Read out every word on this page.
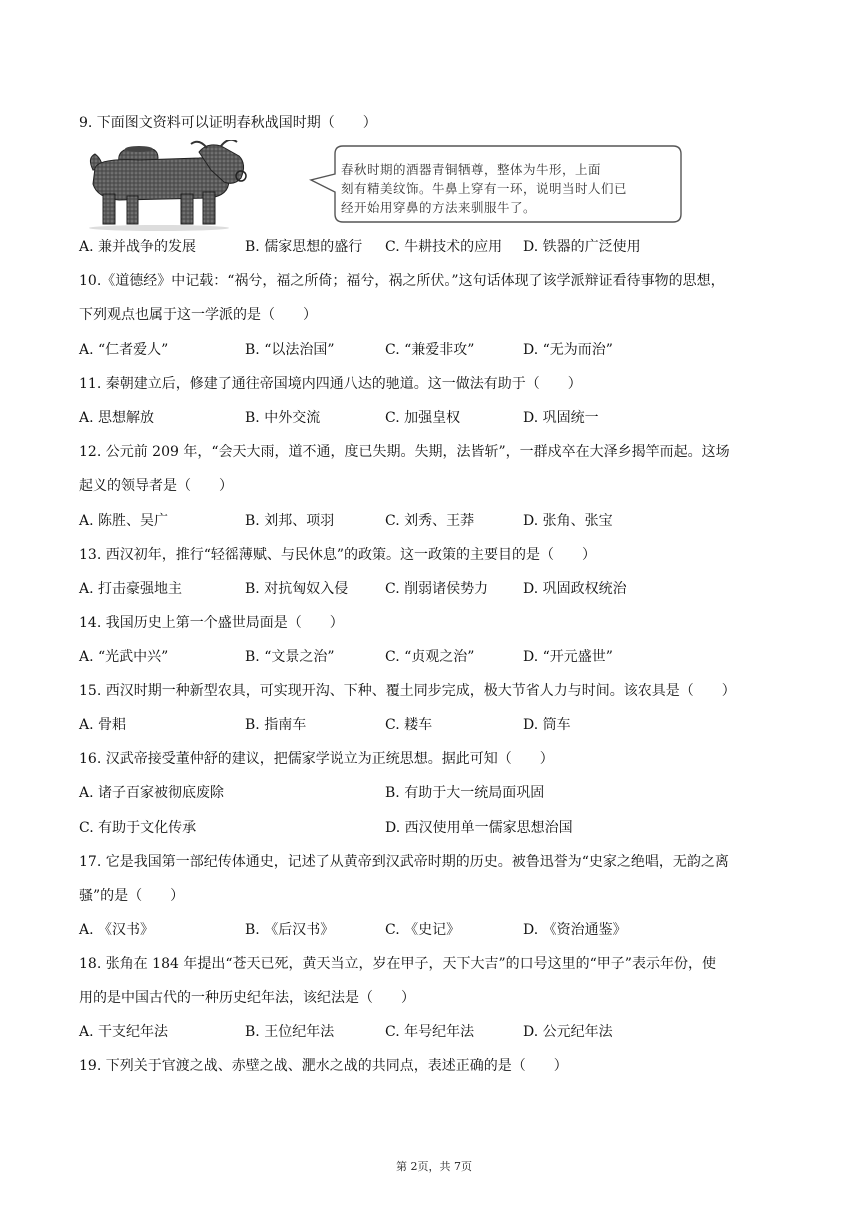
9. 下面图文资料可以证明春秋战国时期（　　）
春秋时期的酒器青铜牺尊，整体为牛形，上面
刻有精美纹饰。牛鼻上穿有一环，说明当时人们已
经开始用穿鼻的方法来驯服牛了。
A. 兼并战争的发展	B. 儒家思想的盛行 C. 牛耕技术的应用 D. 铁器的广泛使用
10.《道德经》中记载：“祸兮，福之所倚；福兮，祸之所伏。”这句话体现了该学派辩证看待事物的思想，
下列观点也属于这一学派的是（　　）
A. “仁者爱人”	B. “以法治国”	C. “兼爱非攻”	D. “无为而治”
11. 秦朝建立后，修建了通往帝国境内四通八达的驰道。这一做法有助于（　　）
A. 思想解放	B. 中外交流	C. 加强皇权	D. 巩固统一
12. 公元前 209 年，“会天大雨，道不通，度已失期。失期，法皆斩”，一群戍卒在大泽乡揭竿而起。这场
起义的领导者是（　　）
A. 陈胜、吴广	B. 刘邦、项羽	C. 刘秀、王莽	D. 张角、张宝
13. 西汉初年，推行“轻徭薄赋、与民休息”的政策。这一政策的主要目的是（　　）
A. 打击豪强地主	B. 对抗匈奴入侵	C. 削弱诸侯势力 D. 巩固政权统治
14. 我国历史上第一个盛世局面是（　　）
A. “光武中兴”	B. “文景之治”	C. “贞观之治”	D. “开元盛世”
15. 西汉时期一种新型农具，可实现开沟、下种、覆土同步完成，极大节省人力与时间。该农具是（　　）
A. 骨耜	B. 指南车	C. 耧车	D. 筒车
16. 汉武帝接受董仲舒的建议，把儒家学说立为正统思想。据此可知（　　）
A. 诸子百家被彻底废除	B. 有助于大一统局面巩固
C. 有助于文化传承	D. 西汉使用单一儒家思想治国
17. 它是我国第一部纪传体通史，记述了从黄帝到汉武帝时期的历史。被鲁迅誉为“史家之绝唱，无韵之离
骚”的是（　　）
A. 《汉书》	B. 《后汉书》	C. 《史记》	D. 《资治通鉴》
18. 张角在 184 年提出“苍天已死，黄天当立，岁在甲子，天下大吉”的口号这里的“甲子”表示年份，使
用的是中国古代的一种历史纪年法，该纪法是（　　）
A. 干支纪年法	B. 王位纪年法	C. 年号纪年法	D. 公元纪年法
19. 下列关于官渡之战、赤壁之战、淝水之战的共同点，表述正确的是（　　）
第 2页，共 7页
